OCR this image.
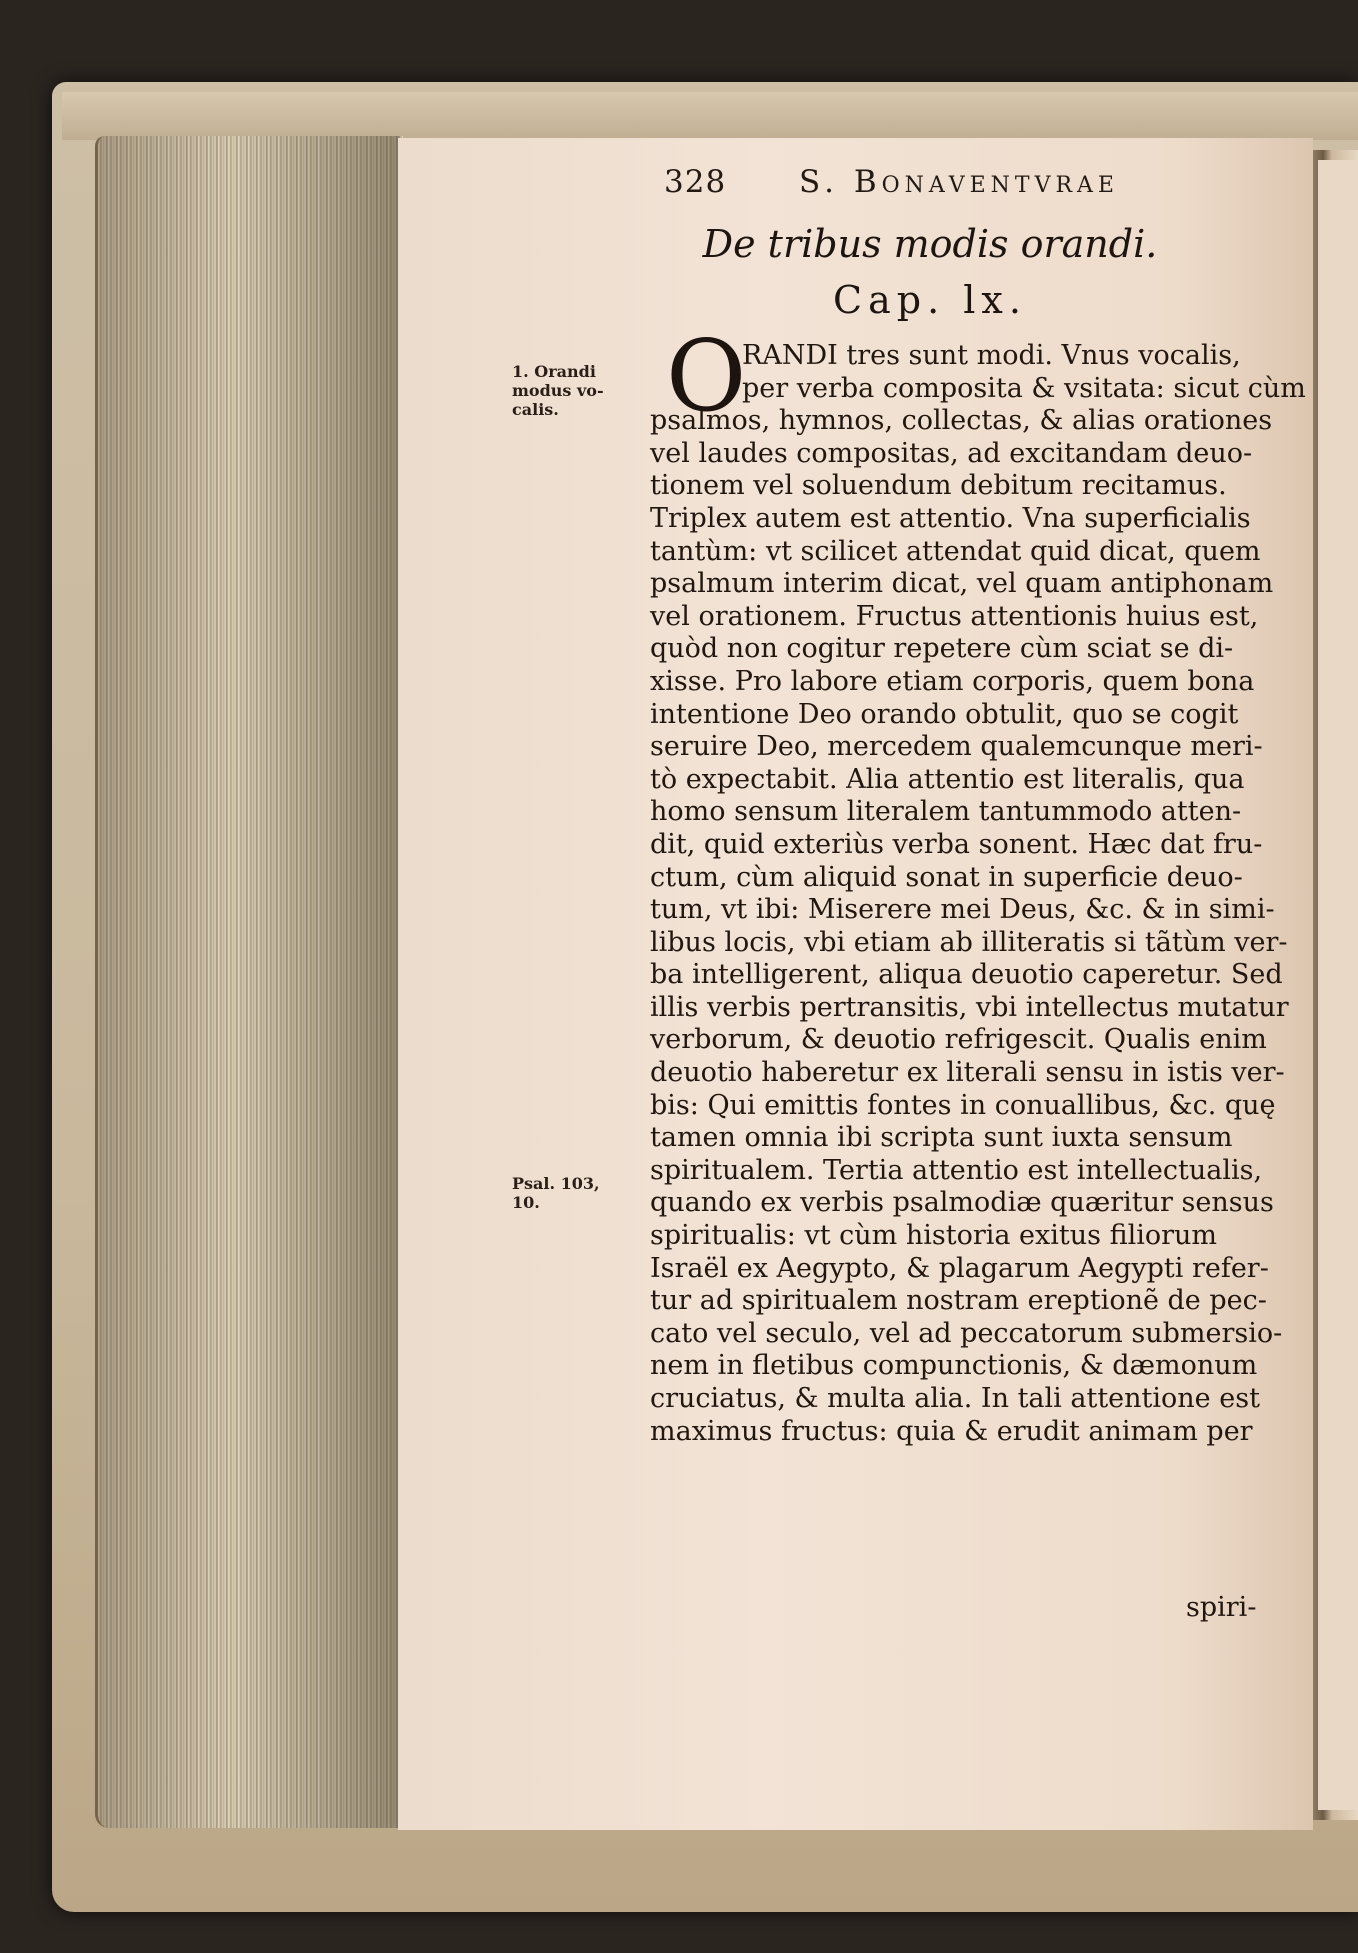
328 S. Bonaventvrae
De tribus modis orandi.
Cap. lx.
1. Orandi
modus vo-
calis.
Psal. 103,
10.
O
RANDI tres sunt modi. Vnus vocalis,
per verba composita & vsitata: sicut cùm
psalmos, hymnos, collectas, & alias orationes
vel laudes compositas, ad excitandam deuo-
tionem vel soluendum debitum recitamus.
Triplex autem est attentio. Vna superficialis
tantùm: vt scilicet attendat quid dicat, quem
psalmum interim dicat, vel quam antiphonam
vel orationem. Fructus attentionis huius est,
quòd non cogitur repetere cùm sciat se di-
xisse. Pro labore etiam corporis, quem bona
intentione Deo orando obtulit, quo se cogit
seruire Deo, mercedem qualemcunque meri-
tò expectabit. Alia attentio est literalis, qua
homo sensum literalem tantummodo atten-
dit, quid exteriùs verba sonent. Hæc dat fru-
ctum, cùm aliquid sonat in superficie deuo-
tum, vt ibi: Miserere mei Deus, &c. & in simi-
libus locis, vbi etiam ab illiteratis si tãtùm ver-
ba intelligerent, aliqua deuotio caperetur. Sed
illis verbis pertransitis, vbi intellectus mutatur
verborum, & deuotio refrigescit. Qualis enim
deuotio haberetur ex literali sensu in istis ver-
bis: Qui emittis fontes in conuallibus, &c. quę
tamen omnia ibi scripta sunt iuxta sensum
spiritualem. Tertia attentio est intellectualis,
quando ex verbis psalmodiæ quæritur sensus
spiritualis: vt cùm historia exitus filiorum
Israël ex Aegypto, & plagarum Aegypti refer-
tur ad spiritualem nostram ereptionẽ de pec-
cato vel seculo, vel ad peccatorum submersio-
nem in fletibus compunctionis, & dæmonum
cruciatus, & multa alia. In tali attentione est
maximus fructus: quia & erudit animam per
spiri-
